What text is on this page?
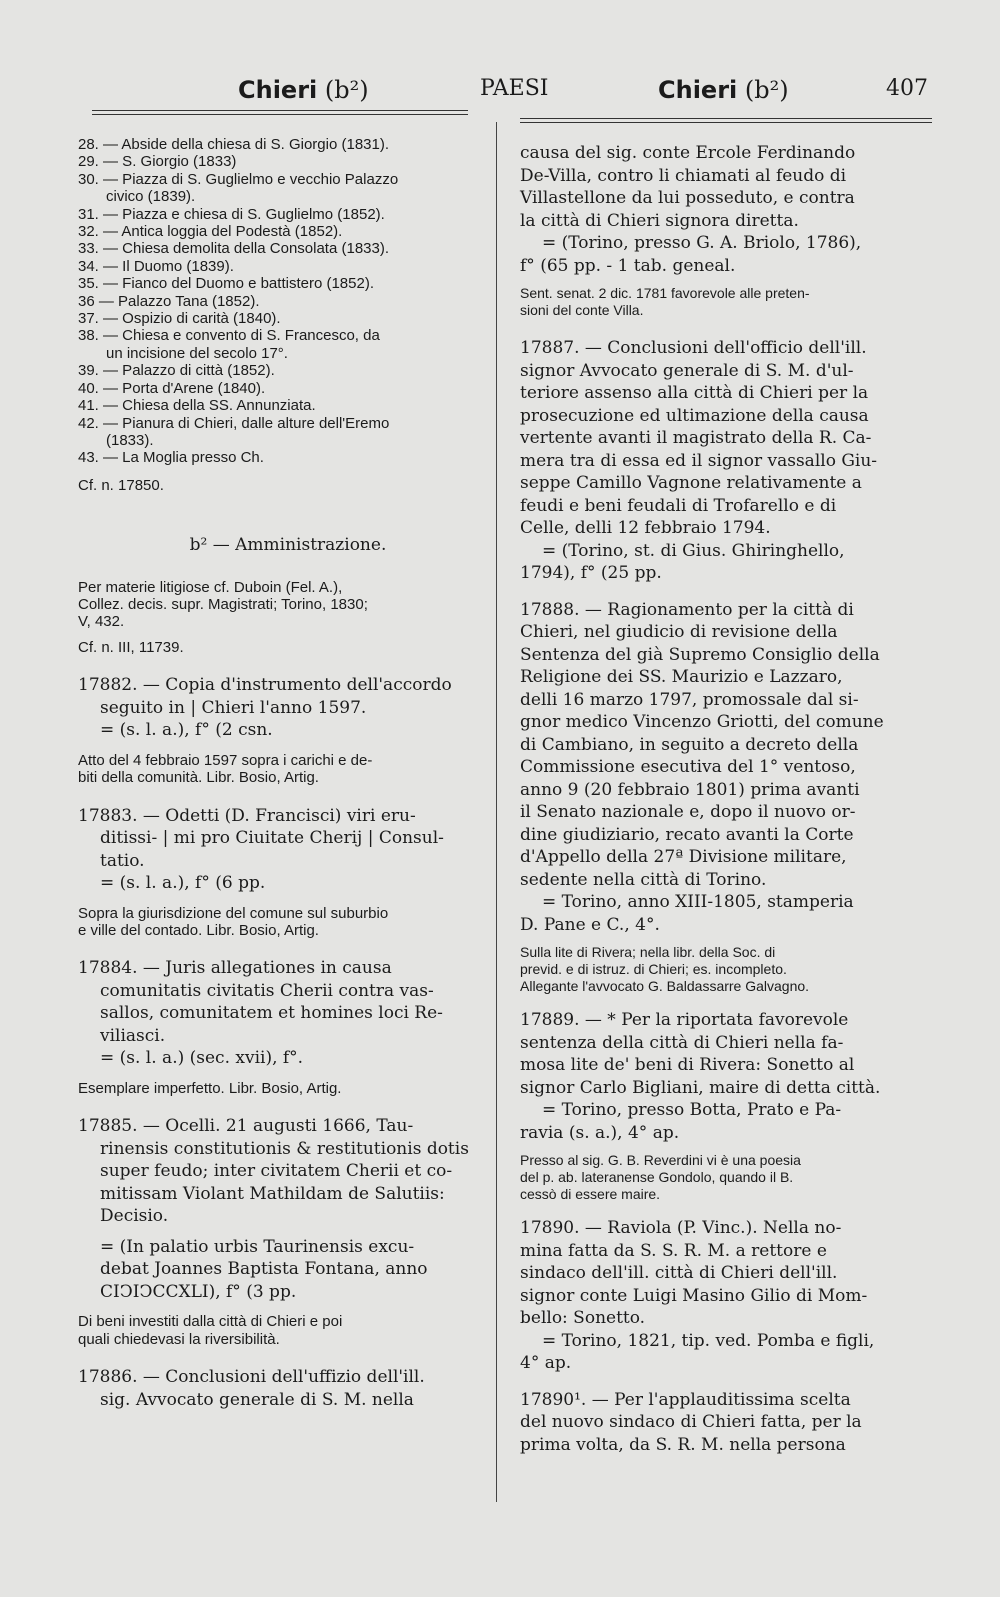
Chieri (b²)	PAESI	Chieri (b²)	407

28. — Abside della chiesa di S. Giorgio (1831).

29. — S. Giorgio (1833)

30. — Piazza di S. Guglielmo e vecchio Palazzo

civico (1839).

31. — Piazza e chiesa di S. Guglielmo (1852).

32. — Antica loggia del Podestà (1852).

33. — Chiesa demolita della Consolata (1833).

34. — Il Duomo (1839).

35. — Fianco del Duomo e battistero (1852).

36 — Palazzo Tana (1852).

37. — Ospizio di carità (1840).

38. — Chiesa e convento di S. Francesco, da

un incisione del secolo 17°.

39. — Palazzo di città (1852).

40. — Porta d'Arene (1840).

41. — Chiesa della SS. Annunziata.

42. — Pianura di Chieri, dalle alture dell'Eremo

(1833).

43. — La Moglia presso Ch.

Cf. n. 17850.

b² — Amministrazione.

Per materie litigiose cf. Duboin (Fel. A.),

Collez. decis. supr. Magistrati; Torino, 1830;

V, 432.

Cf. n. III, 11739.

17882. — Copia d'instrumento dell'accordo

seguito in | Chieri l'anno 1597.

= (s. l. a.), f° (2 csn.

Atto del 4 febbraio 1597 sopra i carichi e de-

biti della comunità. Libr. Bosio, Artig.

17883. — Odetti (D. Francisci) viri eru-

ditissi- | mi pro Ciuitate Cherij | Consul-

tatio.

= (s. l. a.), f° (6 pp.

Sopra la giurisdizione del comune sul suburbio

e ville del contado. Libr. Bosio, Artig.

17884. — Juris allegationes in causa

comunitatis civitatis Cherii contra vas-

sallos, comunitatem et homines loci Re-

viliasci.

= (s. l. a.) (sec. xvii), f°.

Esemplare imperfetto. Libr. Bosio, Artig.

17885. — Ocelli. 21 augusti 1666, Tau-

rinensis constitutionis & restitutionis dotis

super feudo; inter civitatem Cherii et co-

mitissam Violant Mathildam de Salutiis:

Decisio.

= (In palatio urbis Taurinensis excu-

debat Joannes Baptista Fontana, anno

CIↃIↃCCXLI), f° (3 pp.

Di beni investiti dalla città di Chieri e poi

quali chiedevasi la riversibilità.

17886. — Conclusioni dell'uffizio dell'ill.

sig. Avvocato generale di S. M. nella

causa del sig. conte Ercole Ferdinando

De-Villa, contro li chiamati al feudo di

Villastellone da lui posseduto, e contra

la città di Chieri signora diretta.

= (Torino, presso G. A. Briolo, 1786),

f° (65 pp. - 1 tab. geneal.

Sent. senat. 2 dic. 1781 favorevole alle preten-

sioni del conte Villa.

17887. — Conclusioni dell'officio dell'ill.

signor Avvocato generale di S. M. d'ul-

teriore assenso alla città di Chieri per la

prosecuzione ed ultimazione della causa

vertente avanti il magistrato della R. Ca-

mera tra di essa ed il signor vassallo Giu-

seppe Camillo Vagnone relativamente a

feudi e beni feudali di Trofarello e di

Celle, delli 12 febbraio 1794.

= (Torino, st. di Gius. Ghiringhello,

1794), f° (25 pp.

17888. — Ragionamento per la città di

Chieri, nel giudicio di revisione della

Sentenza del già Supremo Consiglio della

Religione dei SS. Maurizio e Lazzaro,

delli 16 marzo 1797, promossale dal si-

gnor medico Vincenzo Griotti, del comune

di Cambiano, in seguito a decreto della

Commissione esecutiva del 1° ventoso,

anno 9 (20 febbraio 1801) prima avanti

il Senato nazionale e, dopo il nuovo or-

dine giudiziario, recato avanti la Corte

d'Appello della 27ª Divisione militare,

sedente nella città di Torino.

= Torino, anno XIII-1805, stamperia

D. Pane e C., 4°.

Sulla lite di Rivera; nella libr. della Soc. di

previd. e di istruz. di Chieri; es. incompleto.

Allegante l'avvocato G. Baldassarre Galvagno.

17889. — * Per la riportata favorevole

sentenza della città di Chieri nella fa-

mosa lite de' beni di Rivera: Sonetto al

signor Carlo Bigliani, maire di detta città.

= Torino, presso Botta, Prato e Pa-

ravia (s. a.), 4° ap.

Presso al sig. G. B. Reverdini vi è una poesia

del p. ab. lateranense Gondolo, quando il B.

cessò di essere maire.

17890. — Raviola (P. Vinc.). Nella no-

mina fatta da S. S. R. M. a rettore e

sindaco dell'ill. città di Chieri dell'ill.

signor conte Luigi Masino Gilio di Mom-

bello: Sonetto.

= Torino, 1821, tip. ved. Pomba e figli,

4° ap.

17890¹. — Per l'applauditissima scelta

del nuovo sindaco di Chieri fatta, per la

prima volta, da S. R. M. nella persona
